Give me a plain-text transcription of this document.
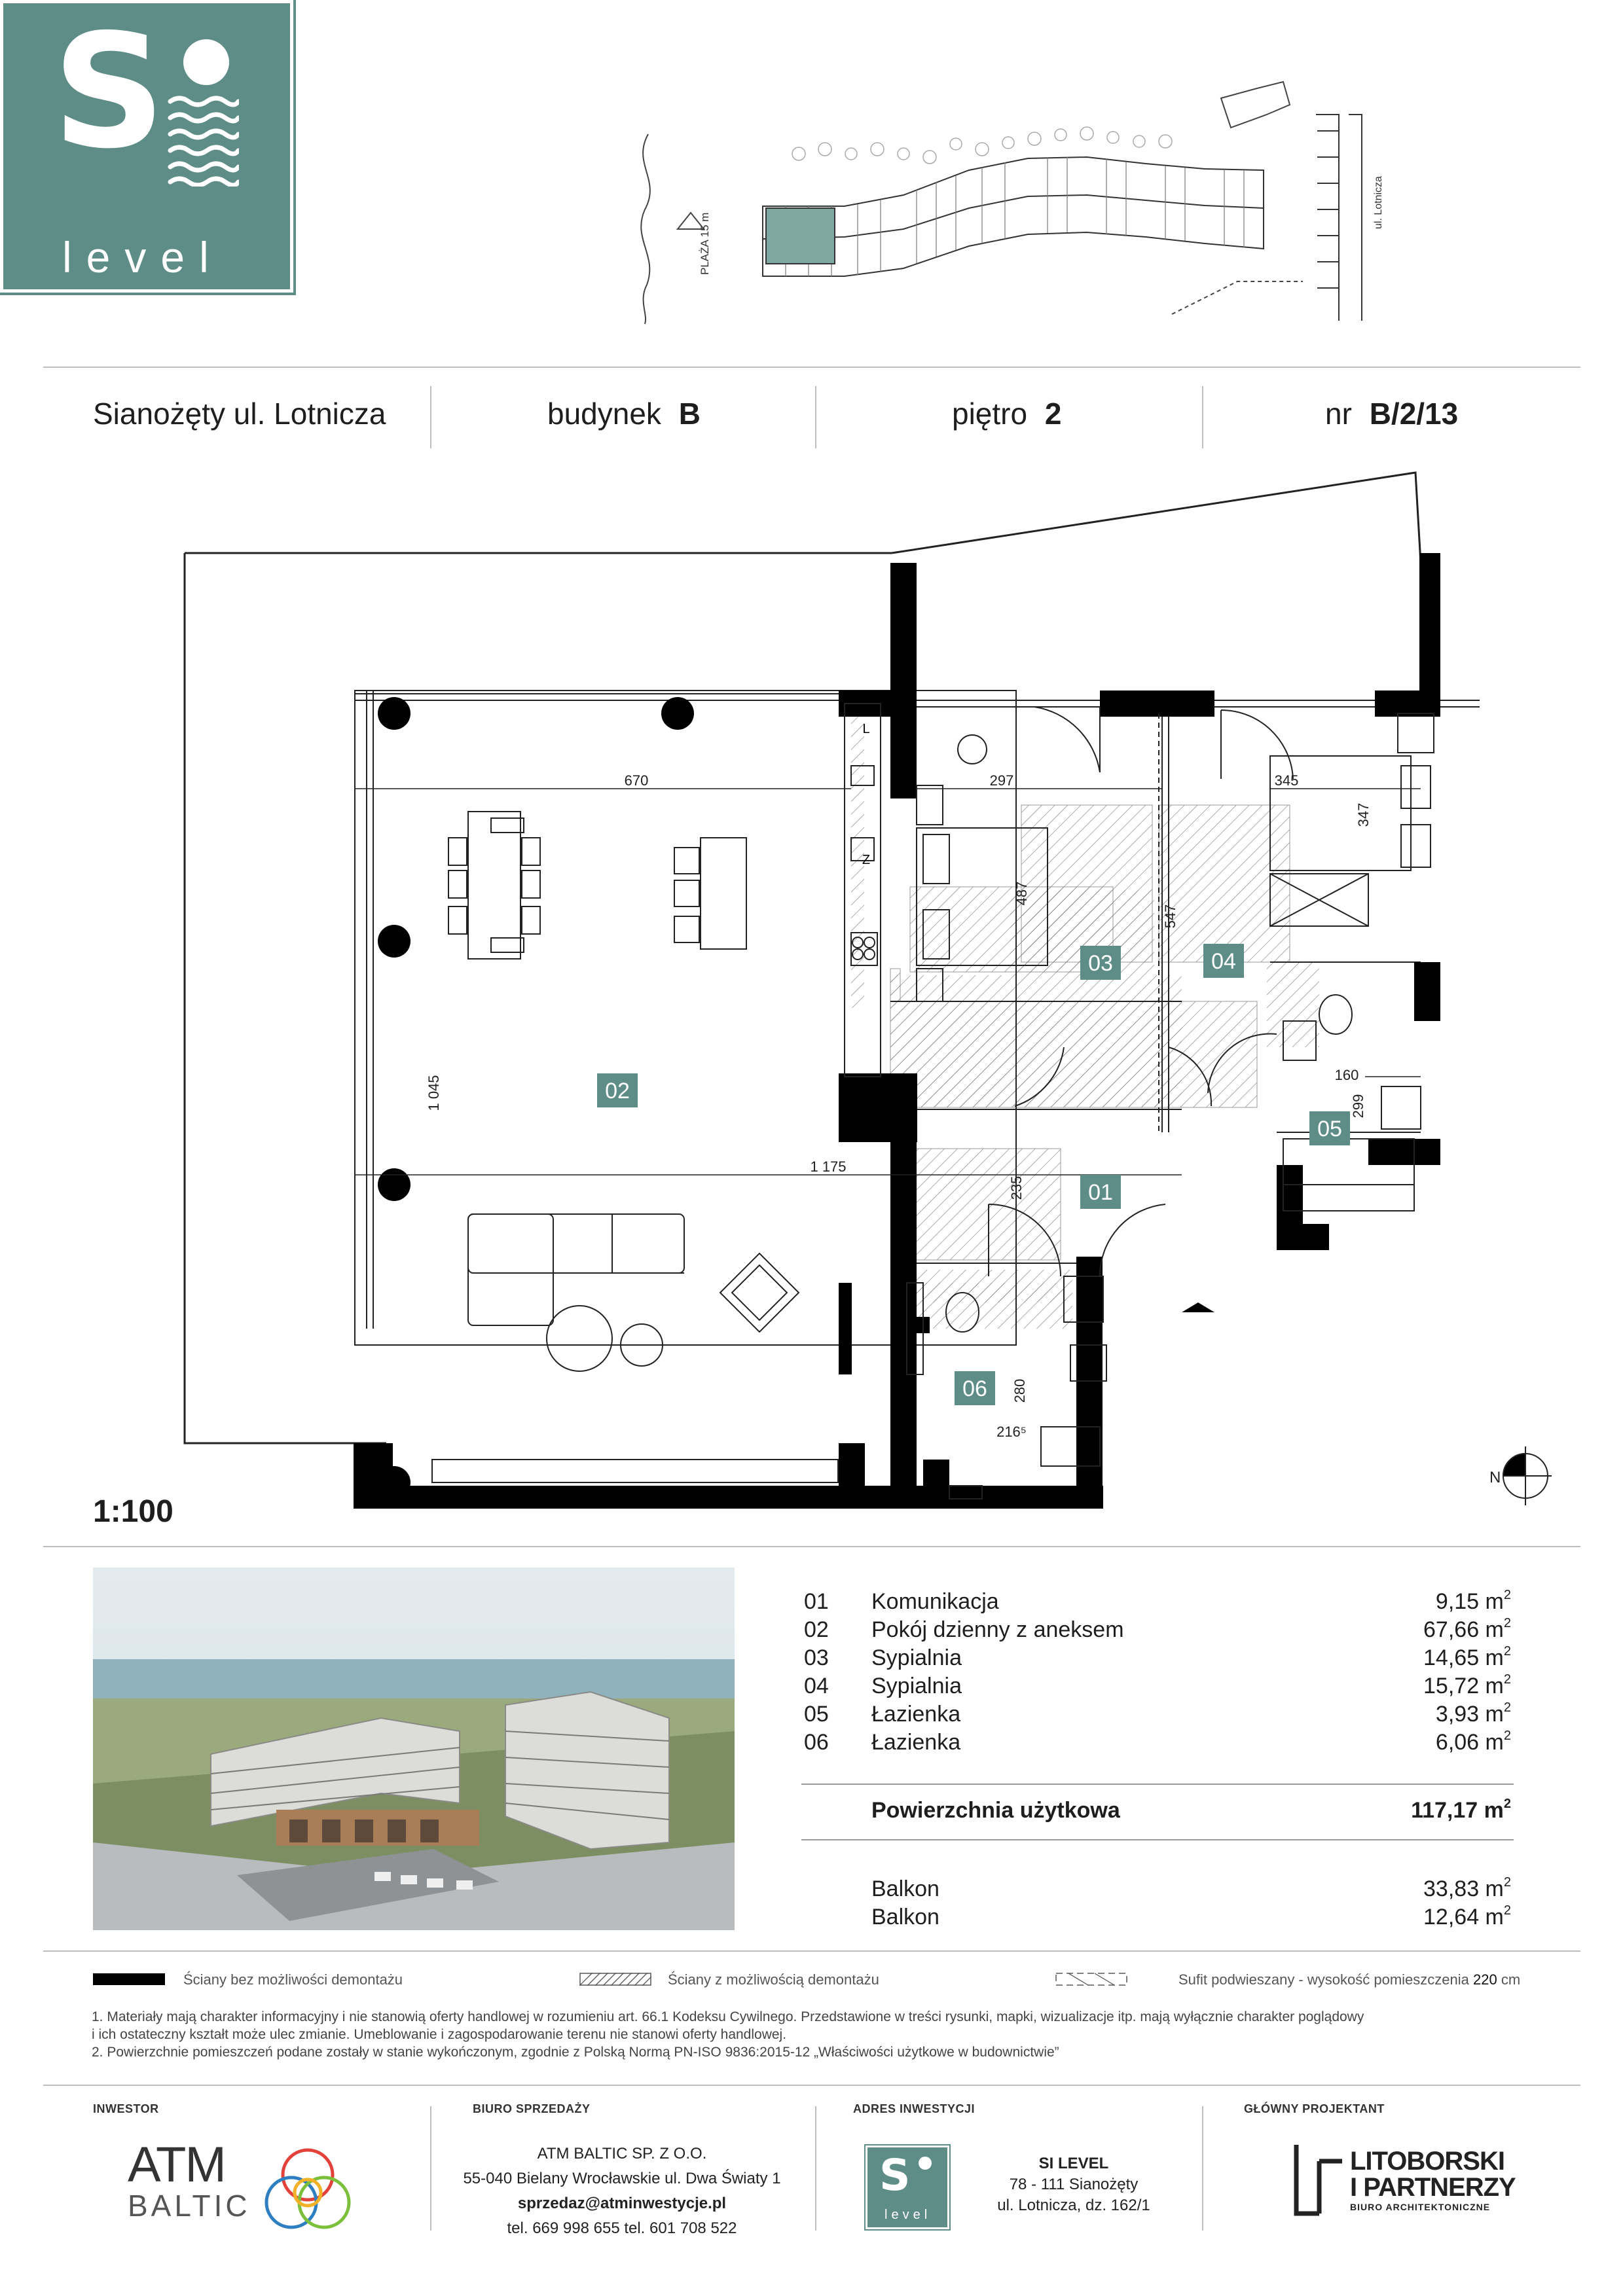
S
level	PLAŻA 15 m
ul. Lotnicza
Sianożęty ul. Lotnicza	budynek B	piętro 2	nr B/2/13
L
Z
P
670	297	345
347
487
547
1 045
1 175
160
299
235
280
216⁵
01
02
03	04
05
06
N
1:100
01 Komunikacja	9,15 $m^2$
02 Pokój dzienny z aneksem	67,66 $m^2$
03 Sypialnia	14,65 $m^2$
04 Sypialnia	15,72 $m^2$
05 Łazienka	3,93 $m^2$
06 Łazienka	6,06 $m^2$
Powierzchnia użytkowa	117,17 $m^2$
Balkon	33,83 $m^2$
Balkon	12,64 $m^2$
Ściany bez możliwości demontażu	Ściany z możliwością demontażu	Sufit podwieszany - wysokość pomieszczenia 220 cm
1. Materiały mają charakter informacyjny i nie stanowią oferty handlowej w rozumieniu art. 66.1 Kodeksu Cywilnego. Przedstawione w treści rysunki, mapki, wizualizacje itp. mają wyłącznie charakter poglądowy
i ich ostateczny kształt może ulec zmianie. Umeblowanie i zagospodarowanie terenu nie stanowi oferty handlowej.
2. Powierzchnie pomieszczeń podane zostały w stanie wykończonym, zgodnie z Polską Normą PN-ISO 9836:2015-12 „Właściwości użytkowe w budownictwie”
INWESTOR	BIURO SPRZEDAŻY	ADRES INWESTYCJI	GŁÓWNY PROJEKTANT
ATM
BALTIC
ATM BALTIC SP. Z O.O.
55-040 Bielany Wrocławskie ul. Dwa Światy 1
sprzedaz@atminwestycje.pl
tel. 669 998 655 tel. 601 708 522
S
level
SI LEVEL
78 - 111 Sianożęty
ul. Lotnicza, dz. 162/1
LITOBORSKI
I PARTNERZY
BIURO ARCHITEKTONICZNE
